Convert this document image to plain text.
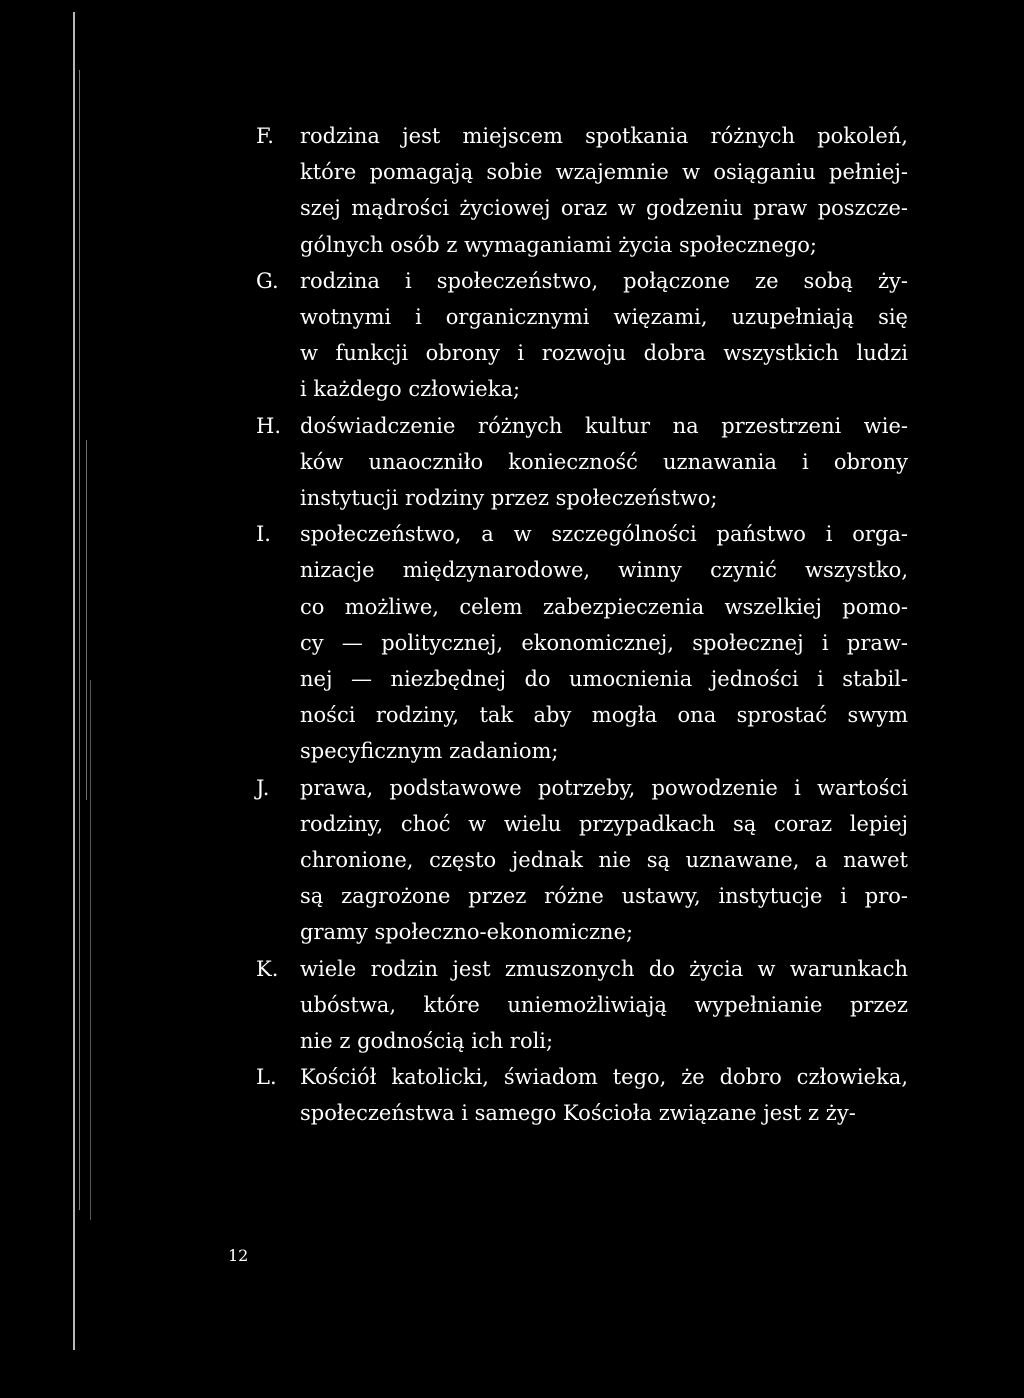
F.	rodzina jest miejscem spotkania różnych pokoleń,
które pomagają sobie wzajemnie w osiąganiu pełniej-
szej mądrości życiowej oraz w godzeniu praw poszcze-
gólnych osób z wymaganiami życia społecznego;
G.	rodzina i społeczeństwo, połączone ze sobą ży-
wotnymi i organicznymi więzami, uzupełniają się
w funkcji obrony i rozwoju dobra wszystkich ludzi
i każdego człowieka;
H. doświadczenie różnych kultur na przestrzeni wie-
ków unaoczniło konieczność uznawania i obrony
instytucji rodziny przez społeczeństwo;
I.	społeczeństwo, a w szczególności państwo i orga-
nizacje międzynarodowe, winny czynić wszystko,
co możliwe, celem zabezpieczenia wszelkiej pomo-
cy — politycznej, ekonomicznej, społecznej i praw-
nej — niezbędnej do umocnienia jedności i stabil-
ności rodziny, tak aby mogła ona sprostać swym
specyficznym zadaniom;
J.	prawa, podstawowe potrzeby, powodzenie i wartości
rodziny, choć w wielu przypadkach są coraz lepiej
chronione, często jednak nie są uznawane, a nawet
są zagrożone przez różne ustawy, instytucje i pro-
gramy społeczno-ekonomiczne;
K.	wiele rodzin jest zmuszonych do życia w warunkach
ubóstwa, które uniemożliwiają wypełnianie przez
nie z godnością ich roli;
L.	Kościół katolicki, świadom tego, że dobro człowieka,
społeczeństwa i samego Kościoła związane jest z ży-
12
